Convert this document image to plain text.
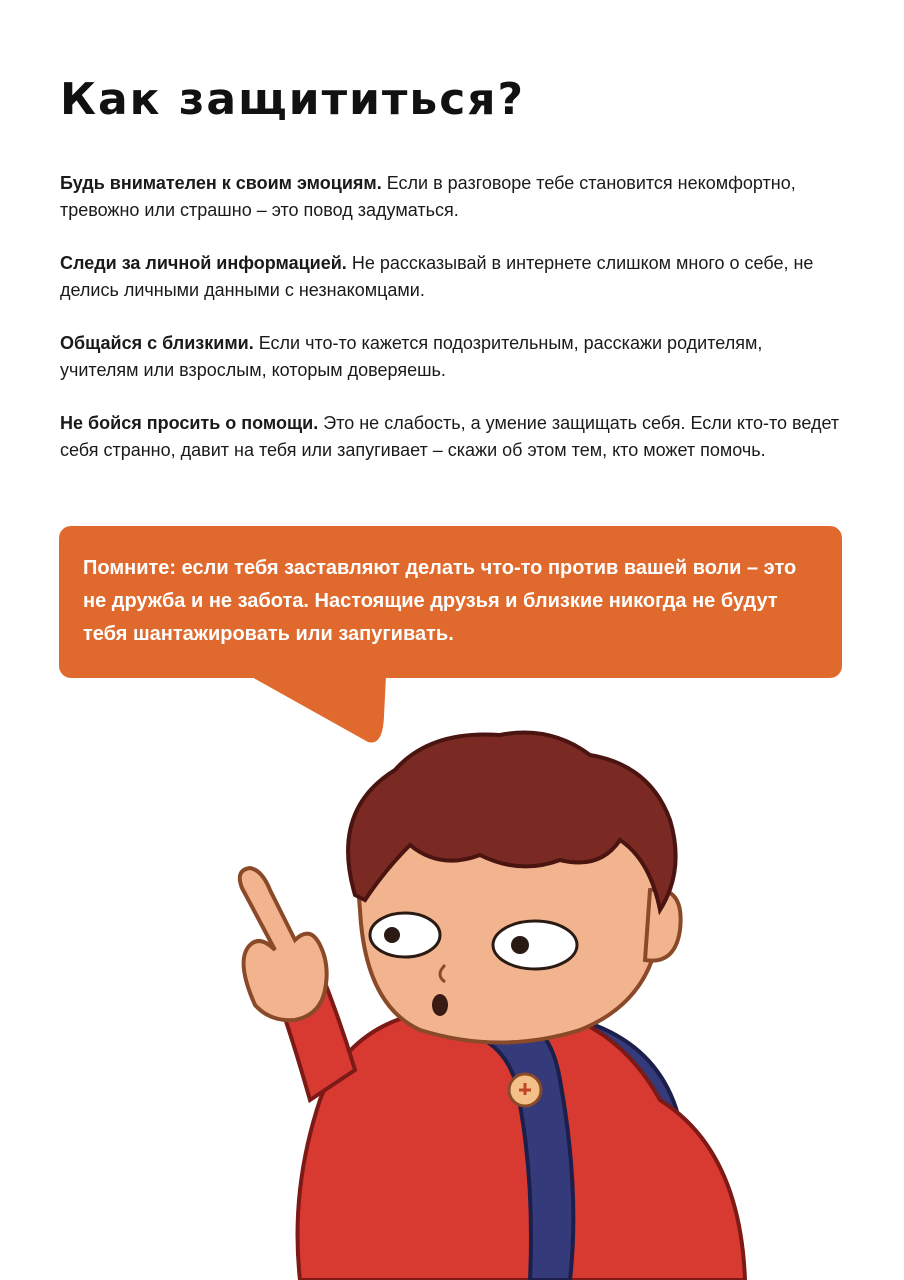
Как защититься?

Будь внимателен к своим эмоциям. Если в разговоре тебе становится некомфортно, тревожно или страшно – это повод задуматься.

Следи за личной информацией. Не рассказывай в интернете слишком много о себе, не делись личными данными с незнакомцами.

Общайся с близкими. Если что-то кажется подозрительным, расскажи родителям, учителям или взрослым, которым доверяешь.

Не бойся просить о помощи. Это не слабость, а умение защищать себя. Если кто-то ведет себя странно, давит на тебя или запугивает – скажи об этом тем, кто может помочь.

Помните: если тебя заставляют делать что-то против вашей воли – это не дружба и не забота. Настоящие друзья и близкие никогда не будут тебя шантажировать или запугивать.
